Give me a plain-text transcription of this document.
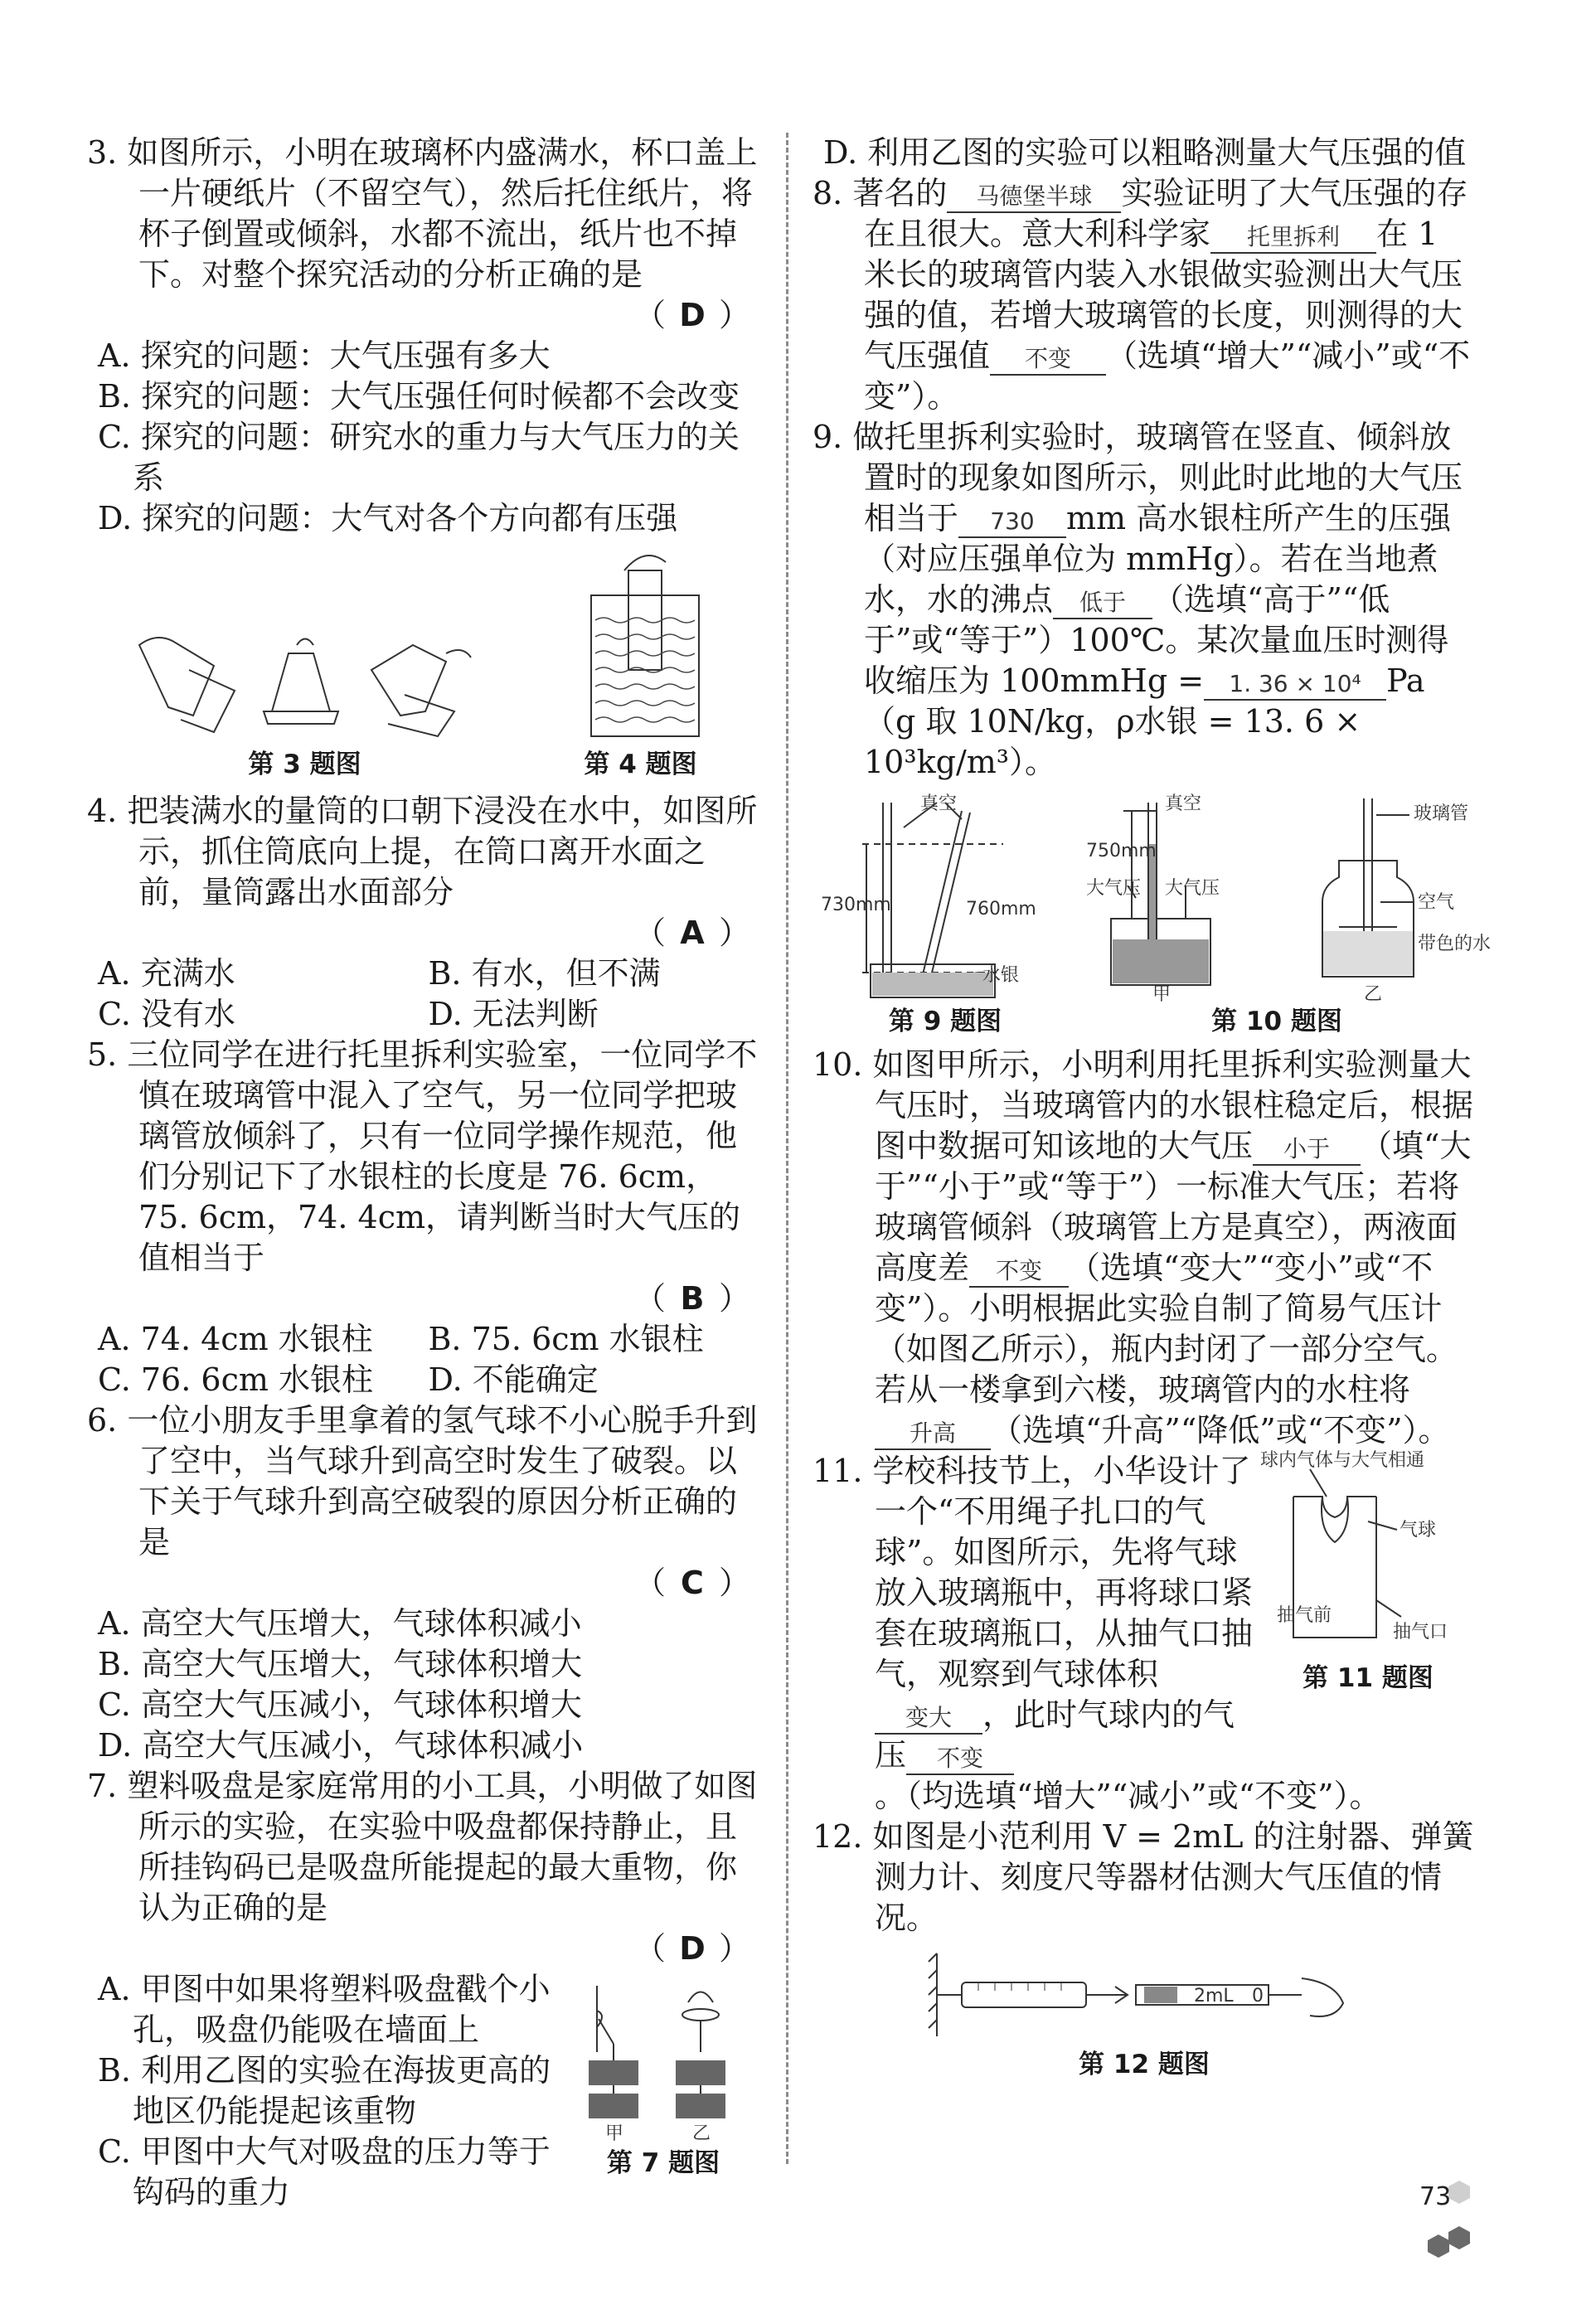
3. 如图所示，小明在玻璃杯内盛满水，杯口盖上一片硬纸片（不留空气），然后托住纸片，将杯子倒置或倾斜，水都不流出，纸片也不掉下。对整个探究活动的分析正确的是

（ D ）

A. 探究的问题：大气压强有多大

B. 探究的问题：大气压强任何时候都不会改变

C. 探究的问题：研究水的重力与大气压力的关系

D. 探究的问题：大气对各个方向都有压强

第 3 题图	第 4 题图

4. 把装满水的量筒的口朝下浸没在水中，如图所示，抓住筒底向上提，在筒口离开水面之前，量筒露出水面部分

（ A ）
A. 充满水	B. 有水，但不满
C. 没有水	D. 无法判断

5. 三位同学在进行托里拆利实验室，一位同学不慎在玻璃管中混入了空气，另一位同学把玻璃管放倾斜了，只有一位同学操作规范，他们分别记下了水银柱的长度是 76. 6cm，75. 6cm，74. 4cm，请判断当时大气压的值相当于

（ B ）
A. 74. 4cm 水银柱	B. 75. 6cm 水银柱
C. 76. 6cm 水银柱	D. 不能确定

6. 一位小朋友手里拿着的氢气球不小心脱手升到了空中，当气球升到高空时发生了破裂。以下关于气球升到高空破裂的原因分析正确的是

（ C ）

A. 高空大气压增大，气球体积减小

B. 高空大气压增大，气球体积增大

C. 高空大气压减小，气球体积增大

D. 高空大气压减小，气球体积减小

7. 塑料吸盘是家庭常用的小工具，小明做了如图所示的实验，在实验中吸盘都保持静止，且所挂钩码已是吸盘所能提起的最大重物，你认为正确的是

（ D ）

A. 甲图中如果将塑料吸盘戳个小孔，吸盘仍能吸在墙面上

B. 利用乙图的实验在海拔更高的地区仍能提起该重物

C. 甲图中大气对吸盘的压力等于钩码的重力

甲	乙
第 7 题图

D. 利用乙图的实验可以粗略测量大气压强的值

8. 著名的 马德堡半球 实验证明了大气压强的存在且很大。意大利科学家 托里拆利 在 1 米长的玻璃管内装入水银做实验测出大气压强的值，若增大玻璃管的长度，则测得的大气压强值 不变 （选填“增大”“减小”或“不变”）。

9. 做托里拆利实验时，玻璃管在竖直、倾斜放置时的现象如图所示，则此时此地的大气压相当于 730 mm 高水银柱所产生的压强（对应压强单位为 mmHg）。若在当地煮水，水的沸点 低于 （选填“高于”“低于”或“等于”）100℃。某次量血压时测得收缩压为 100mmHg = 1. 36 × 10⁴ Pa（g 取 10N/kg，ρ水银 = 13. 6 × 10³kg/m³）。

真空
730mm	760mm
水银
第 9 题图
真空
750mm
大气压 大气压
玻璃管
空气
带色的水
甲	乙
第 10 题图

10. 如图甲所示，小明利用托里拆利实验测量大气压时，当玻璃管内的水银柱稳定后，根据图中数据可知该地的大气压 小于 （填“大于”“小于”或“等于”）一标准大气压；若将玻璃管倾斜（玻璃管上方是真空），两液面高度差 不变 （选填“变大”“变小”或“不变”）。小明根据此实验自制了简易气压计（如图乙所示），瓶内封闭了一部分空气。若从一楼拿到六楼，玻璃管内的水柱将升高 （选填“升高”“降低”或“不变”）。

11. 学校科技节上，小华设计了一个“不用绳子扎口的气球”。如图所示，先将气球放入玻璃瓶中，再将球口紧套在玻璃瓶口，从抽气口抽气，观察到气球体积变大 ，此时气球内的气压 不变

球内气体与大气相通
气球
抽气前
抽气口
第 11 题图

。（均选填“增大”“减小”或“不变”）。

12. 如图是小范利用 V = 2mL 的注射器、弹簧测力计、刻度尺等器材估测大气压值的情况。

2mL 0
第 12 题图
73
